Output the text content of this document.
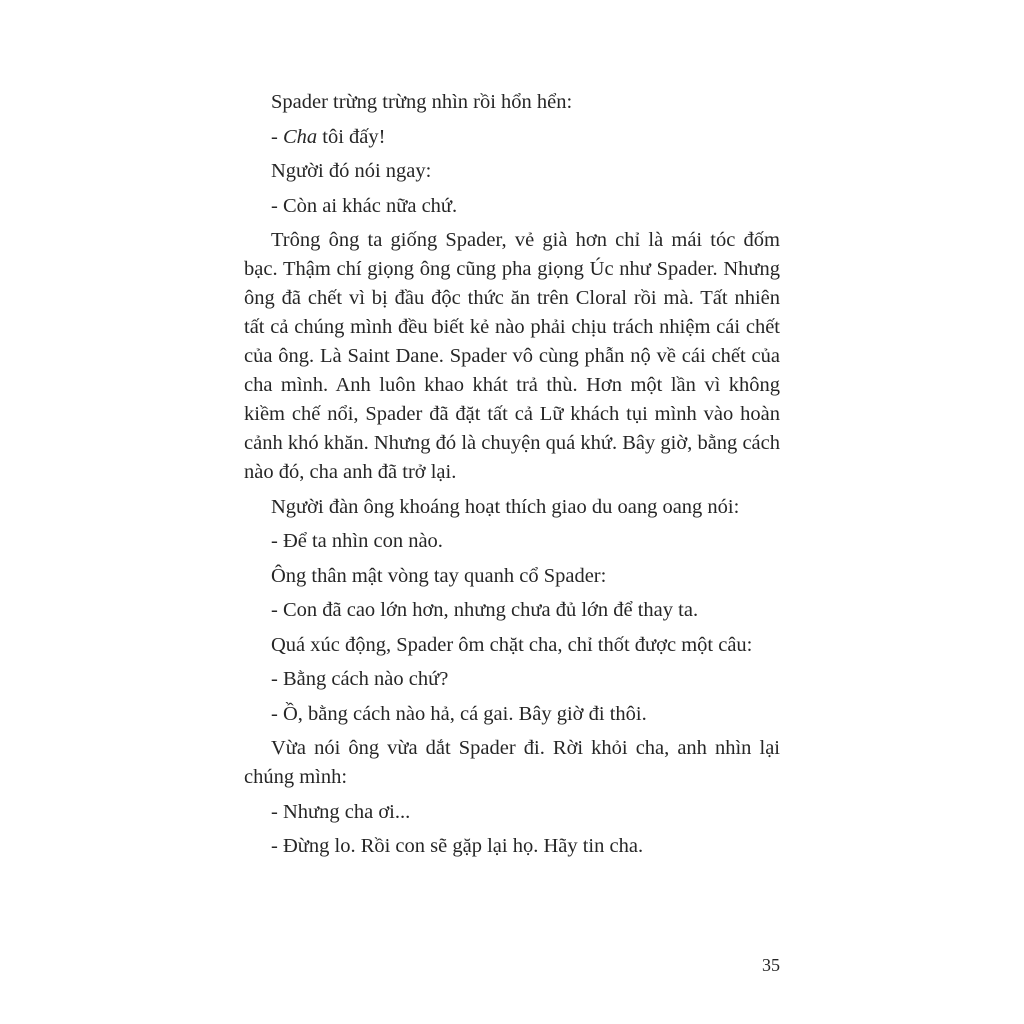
Spader trừng trừng nhìn rồi hổn hển:

- Cha tôi đấy!

Người đó nói ngay:

- Còn ai khác nữa chứ.

Trông ông ta giống Spader, vẻ già hơn chỉ là mái tóc đốm bạc. Thậm chí giọng ông cũng pha giọng Úc như Spader. Nhưng ông đã chết vì bị đầu độc thức ăn trên Cloral rồi mà. Tất nhiên tất cả chúng mình đều biết kẻ nào phải chịu trách nhiệm cái chết của ông. Là Saint Dane. Spader vô cùng phẫn nộ về cái chết của cha mình. Anh luôn khao khát trả thù. Hơn một lần vì không kiềm chế nổi, Spader đã đặt tất cả Lữ khách tụi mình vào hoàn cảnh khó khăn. Nhưng đó là chuyện quá khứ. Bây giờ, bằng cách nào đó, cha anh đã trở lại.

Người đàn ông khoáng hoạt thích giao du oang oang nói:

- Để ta nhìn con nào.

Ông thân mật vòng tay quanh cổ Spader:

- Con đã cao lớn hơn, nhưng chưa đủ lớn để thay ta.

Quá xúc động, Spader ôm chặt cha, chỉ thốt được một câu:

- Bằng cách nào chứ?

- Ồ, bằng cách nào hả, cá gai. Bây giờ đi thôi.

Vừa nói ông vừa dắt Spader đi. Rời khỏi cha, anh nhìn lại chúng mình:

- Nhưng cha ơi...

- Đừng lo. Rồi con sẽ gặp lại họ. Hãy tin cha.

35
